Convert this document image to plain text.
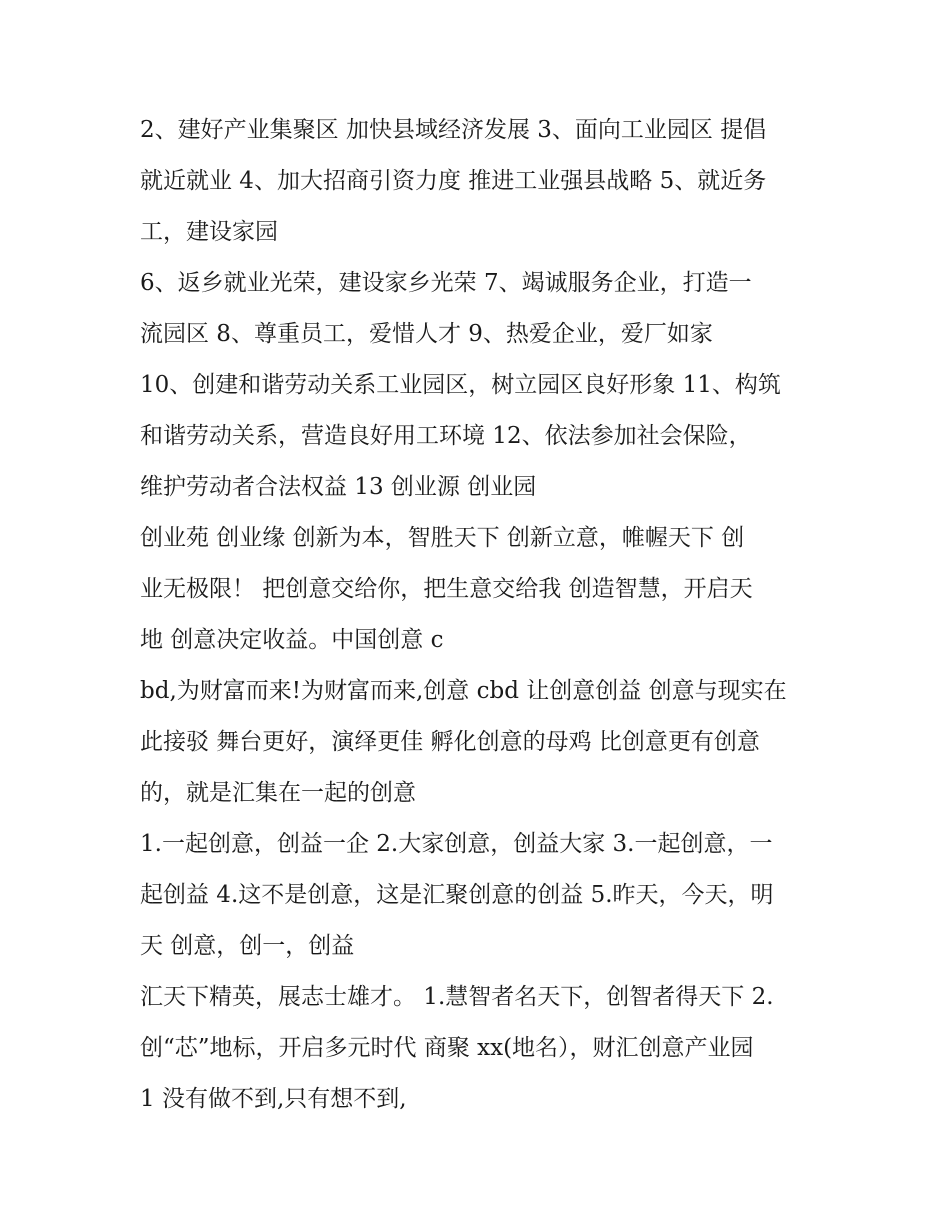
2、建好产业集聚区 加快县域经济发展 3、面向工业园区 提倡
就近就业 4、加大招商引资力度 推进工业强县战略 5、就近务
工，建设家园
6、返乡就业光荣，建设家乡光荣 7、竭诚服务企业，打造一
流园区 8、尊重员工，爱惜人才 9、热爱企业，爱厂如家
10、创建和谐劳动关系工业园区，树立园区良好形象 11、构筑
和谐劳动关系，营造良好用工环境 12、依法参加社会保险，
维护劳动者合法权益 13 创业源 创业园
创业苑 创业缘 创新为本，智胜天下 创新立意，帷幄天下 创
业无极限！ 把创意交给你，把生意交给我 创造智慧，开启天
地 创意决定收益。中国创意 c
bd,为财富而来!为财富而来,创意 cbd 让创意创益 创意与现实在
此接驳 舞台更好，演绎更佳 孵化创意的母鸡 比创意更有创意
的，就是汇集在一起的创意
1.一起创意，创益一企 2.大家创意，创益大家 3.一起创意，一
起创益 4.这不是创意，这是汇聚创意的创益 5.昨天，今天，明
天 创意，创一，创益
汇天下精英，展志士雄才。 1.慧智者名天下，创智者得天下 2.
创“芯”地标，开启多元时代 商聚 xx(地名），财汇创意产业园
1 没有做不到,只有想不到,
